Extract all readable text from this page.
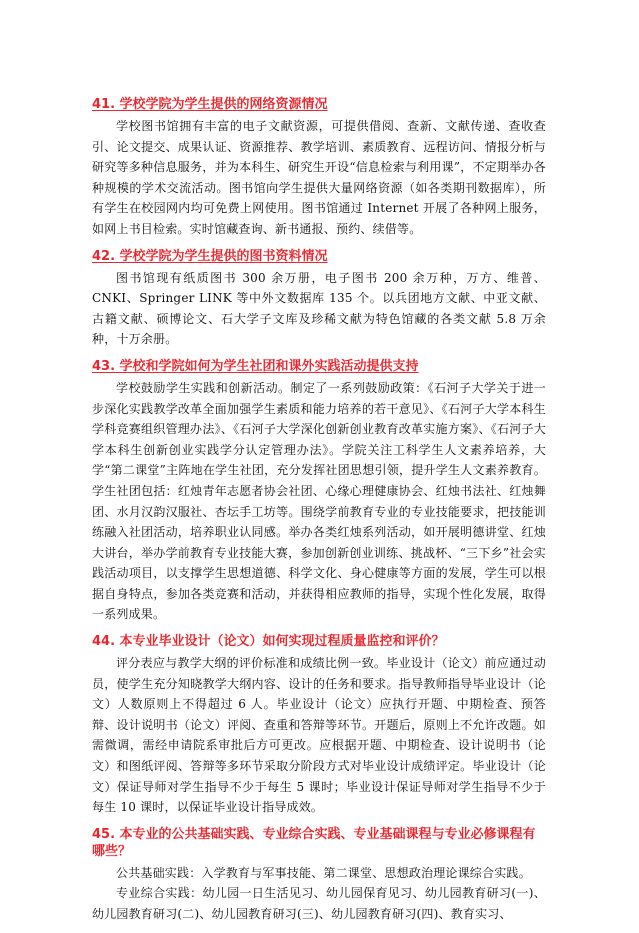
41. 学校学院为学生提供的网络资源情况

学校图书馆拥有丰富的电子文献资源，可提供借阅、查新、文献传递、查收查引、论文提交、成果认证、资源推荐、教学培训、素质教育、远程访问、情报分析与研究等多种信息服务，并为本科生、研究生开设“信息检索与利用课”，不定期举办各种规模的学术交流活动。图书馆向学生提供大量网络资源（如各类期刊数据库），所有学生在校园网内均可免费上网使用。图书馆通过 Internet 开展了各种网上服务，如网上书目检索。实时馆藏查询、新书通报、预约、续借等。

42. 学校学院为学生提供的图书资料情况

图书馆现有纸质图书 300 余万册，电子图书 200 余万种，万方、维普、CNKI、Springer LINK 等中外文数据库 135 个。以兵团地方文献、中亚文献、古籍文献、硕博论文、石大学子文库及珍稀文献为特色馆藏的各类文献 5.8 万余种，十万余册。

43. 学校和学院如何为学生社团和课外实践活动提供支持

学校鼓励学生实践和创新活动。制定了一系列鼓励政策：《石河子大学关于进一步深化实践教学改革全面加强学生素质和能力培养的若干意见》、《石河子大学本科生学科竞赛组织管理办法》、《石河子大学深化创新创业教育改革实施方案》、《石河子大学本科生创新创业实践学分认定管理办法》。学院关注工科学生人文素养培养，大学“第二课堂”主阵地在学生社团，充分发挥社团思想引领，提升学生人文素养教育。学生社团包括：红烛青年志愿者协会社团、心缘心理健康协会、红烛书法社、红烛舞团、水月汉韵汉服社、杏坛手工坊等。围绕学前教育专业的专业技能要求，把技能训练融入社团活动，培养职业认同感。举办各类红烛系列活动，如开展明德讲堂、红烛大讲台，举办学前教育专业技能大赛，参加创新创业训练、挑战杯、“三下乡”社会实践活动项目，以支撑学生思想道德、科学文化、身心健康等方面的发展，学生可以根据自身特点，参加各类竞赛和活动，并获得相应教师的指导，实现个性化发展，取得一系列成果。

44. 本专业毕业设计（论文）如何实现过程质量监控和评价？

评分表应与教学大纲的评价标准和成绩比例一致。毕业设计（论文）前应通过动员，使学生充分知晓教学大纲内容、设计的任务和要求。指导教师指导毕业设计（论文）人数原则上不得超过 6 人。毕业设计（论文）应执行开题、中期检查、预答辩、设计说明书（论文）评阅、查重和答辩等环节。开题后，原则上不允许改题。如需微调，需经申请院系审批后方可更改。应根据开题、中期检查、设计说明书（论文）和图纸评阅、答辩等多环节采取分阶段方式对毕业设计成绩评定。毕业设计（论文）保证导师对学生指导不少于每生 5 课时；毕业设计保证导师对学生指导不少于每生 10 课时，以保证毕业设计指导成效。

45. 本专业的公共基础实践、专业综合实践、专业基础课程与专业必修课程有哪些？

公共基础实践：入学教育与军事技能、第二课堂、思想政治理论课综合实践。

专业综合实践：幼儿园一日生活见习、幼儿园保育见习、幼儿园教育研习(一)、幼儿园教育研习(二)、幼儿园教育研习(三)、幼儿园教育研习(四)、教育实习、
